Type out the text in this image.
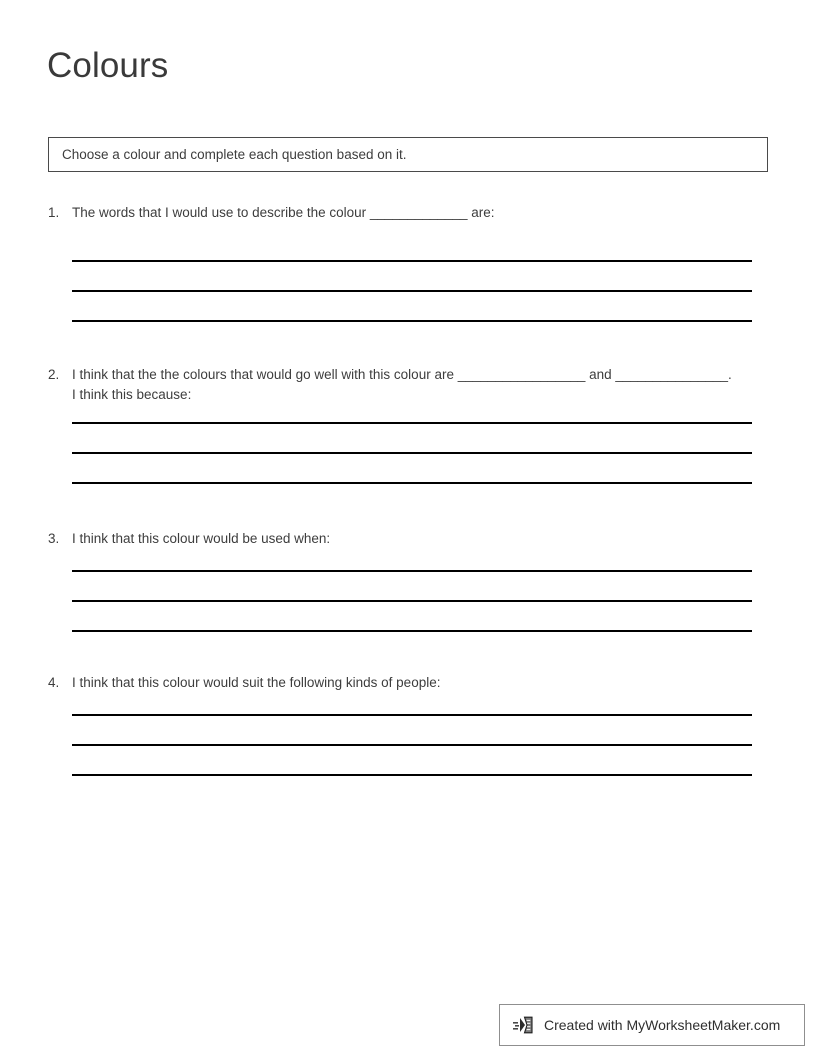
Colours
Choose a colour and complete each question based on it.
1. The words that I would use to describe the colour _____________ are:
2. I think that the the colours that would go well with this colour are _________________ and _______________. I think this because:
3. I think that this colour would be used when:
4. I think that this colour would suit the following kinds of people:
Created with MyWorksheetMaker.com
